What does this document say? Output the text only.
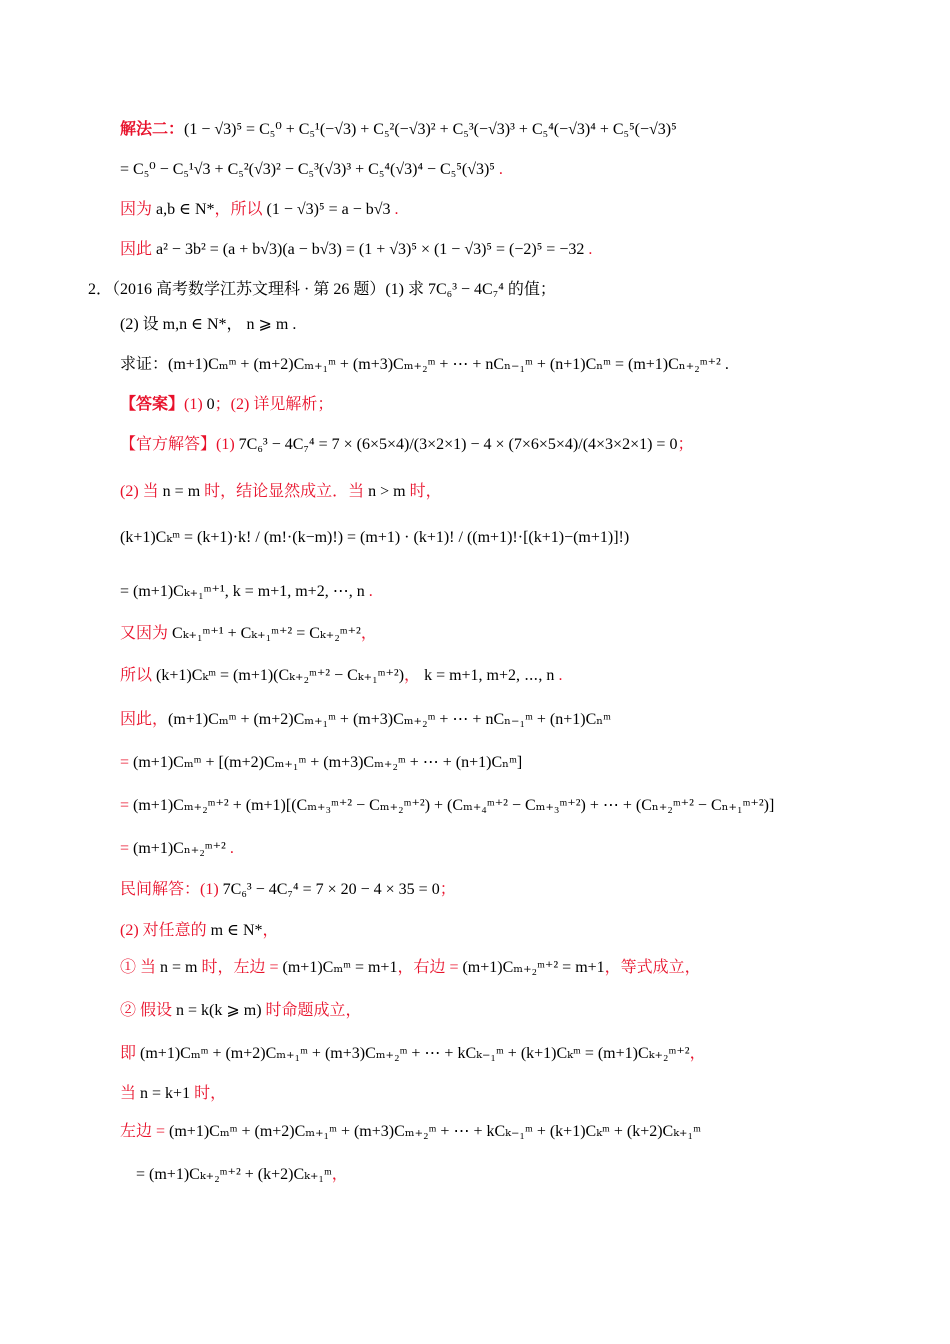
解法二：(1 − √3)⁵ = C₅⁰ + C₅¹(−√3) + C₅²(−√3)² + C₅³(−√3)³ + C₅⁴(−√3)⁴ + C₅⁵(−√3)⁵
= C₅⁰ − C₅¹√3 + C₅²(√3)² − C₅³(√3)³ + C₅⁴(√3)⁴ − C₅⁵(√3)⁵ .
因为 a,b ∈ N*，所以 (1 − √3)⁵ = a − b√3 .
因此 a² − 3b² = (a + b√3)(a − b√3) = (1 + √3)⁵ × (1 − √3)⁵ = (−2)⁵ = −32 .
2．（2016 高考数学江苏文理科 · 第 26 题）(1) 求 7C₆³ − 4C₇⁴ 的值；
(2) 设 m,n ∈ N*， n ⩾ m .
求证：(m+1)Cₘᵐ + (m+2)Cₘ₊₁ᵐ + (m+3)Cₘ₊₂ᵐ + ⋯ + nCₙ₋₁ᵐ + (n+1)Cₙᵐ = (m+1)Cₙ₊₂ᵐ⁺² .
【答案】(1) 0；(2) 详见解析；
【官方解答】(1) 7C₆³ − 4C₇⁴ = 7 × (6×5×4)/(3×2×1) − 4 × (7×6×5×4)/(4×3×2×1) = 0；
(2) 当 n = m 时，结论显然成立．当 n > m 时，
(k+1)Cₖᵐ = (k+1)·k! / (m!·(k−m)!) = (m+1) · (k+1)! / ((m+1)!·[(k+1)−(m+1)]!)
= (m+1)Cₖ₊₁ᵐ⁺¹, k = m+1, m+2, ⋯, n .
又因为 Cₖ₊₁ᵐ⁺¹ + Cₖ₊₁ᵐ⁺² = Cₖ₊₂ᵐ⁺²，
所以 (k+1)Cₖᵐ = (m+1)(Cₖ₊₂ᵐ⁺² − Cₖ₊₁ᵐ⁺²)， k = m+1, m+2, ⋯, n .
因此，(m+1)Cₘᵐ + (m+2)Cₘ₊₁ᵐ + (m+3)Cₘ₊₂ᵐ + ⋯ + nCₙ₋₁ᵐ + (n+1)Cₙᵐ
= (m+1)Cₘᵐ + [(m+2)Cₘ₊₁ᵐ + (m+3)Cₘ₊₂ᵐ + ⋯ + (n+1)Cₙᵐ]
= (m+1)Cₘ₊₂ᵐ⁺² + (m+1)[(Cₘ₊₃ᵐ⁺² − Cₘ₊₂ᵐ⁺²) + (Cₘ₊₄ᵐ⁺² − Cₘ₊₃ᵐ⁺²) + ⋯ + (Cₙ₊₂ᵐ⁺² − Cₙ₊₁ᵐ⁺²)]
= (m+1)Cₙ₊₂ᵐ⁺² .
民间解答：(1) 7C₆³ − 4C₇⁴ = 7 × 20 − 4 × 35 = 0；
(2) 对任意的 m ∈ N*，
① 当 n = m 时，左边 = (m+1)Cₘᵐ = m+1，右边 = (m+1)Cₘ₊₂ᵐ⁺² = m+1，等式成立，
② 假设 n = k(k ⩾ m) 时命题成立，
即 (m+1)Cₘᵐ + (m+2)Cₘ₊₁ᵐ + (m+3)Cₘ₊₂ᵐ + ⋯ + kCₖ₋₁ᵐ + (k+1)Cₖᵐ = (m+1)Cₖ₊₂ᵐ⁺²，
当 n = k+1 时，
左边 = (m+1)Cₘᵐ + (m+2)Cₘ₊₁ᵐ + (m+3)Cₘ₊₂ᵐ + ⋯ + kCₖ₋₁ᵐ + (k+1)Cₖᵐ + (k+2)Cₖ₊₁ᵐ
= (m+1)Cₖ₊₂ᵐ⁺² + (k+2)Cₖ₊₁ᵐ，
